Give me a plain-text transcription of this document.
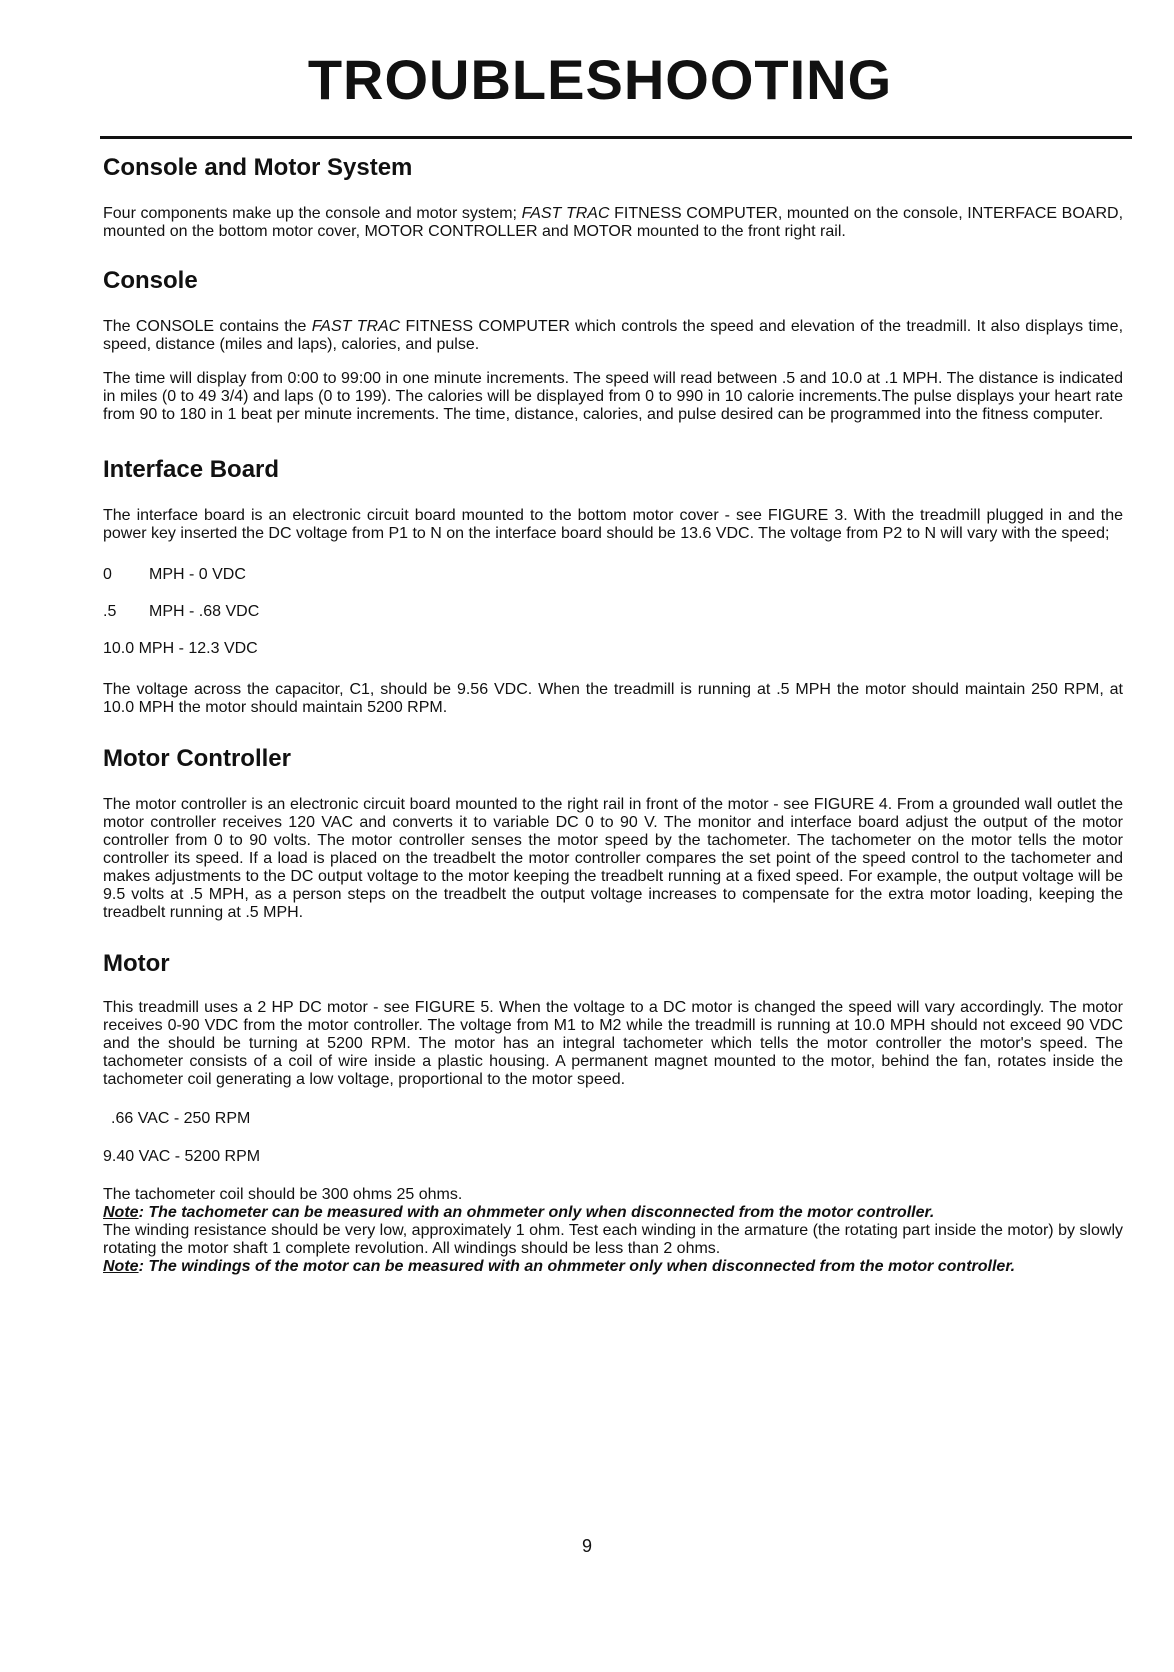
TROUBLESHOOTING
Console and Motor System

Four components make up the console and motor system; FAST TRAC FITNESS COMPUTER, mounted on the console, INTERFACE BOARD, mounted on the bottom motor cover, MOTOR CONTROLLER and MOTOR mounted to the front right rail.

Console

The CONSOLE contains the FAST TRAC FITNESS COMPUTER which controls the speed and elevation of the treadmill. It also displays time, speed, distance (miles and laps), calories, and pulse.

The time will display from 0:00 to 99:00 in one minute increments. The speed will read between .5 and 10.0 at .1 MPH. The distance is indicated in miles (0 to 49 3/4) and laps (0 to 199). The calories will be displayed from 0 to 990 in 10 calorie increments.The pulse displays your heart rate from 90 to 180 in 1 beat per minute increments. The time, distance, calories, and pulse desired can be programmed into the fitness computer.

Interface Board

The interface board is an electronic circuit board mounted to the bottom motor cover - see FIGURE 3. With the treadmill plugged in and the power key inserted the DC voltage from P1 to N on the interface board should be 13.6 VDC. The voltage from P2 to N will vary with the speed;

0 MPH - 0 VDC
.5 MPH - .68 VDC
10.0 MPH - 12.3 VDC

The voltage across the capacitor, C1, should be 9.56 VDC. When the treadmill is running at .5 MPH the motor should maintain 250 RPM, at 10.0 MPH the motor should maintain 5200 RPM.

Motor Controller

The motor controller is an electronic circuit board mounted to the right rail in front of the motor - see FIGURE 4. From a grounded wall outlet the motor controller receives 120 VAC and converts it to variable DC 0 to 90 V. The monitor and interface board adjust the output of the motor controller from 0 to 90 volts. The motor controller senses the motor speed by the tachometer. The tachometer on the motor tells the motor controller its speed. If a load is placed on the treadbelt the motor controller compares the set point of the speed control to the tachometer and makes adjustments to the DC output voltage to the motor keeping the treadbelt running at a fixed speed. For example, the output voltage will be 9.5 volts at .5 MPH, as a person steps on the treadbelt the output voltage increases to compensate for the extra motor loading, keeping the treadbelt running at .5 MPH.

Motor

This treadmill uses a 2 HP DC motor - see FIGURE 5. When the voltage to a DC motor is changed the speed will vary accordingly. The motor receives 0-90 VDC from the motor controller. The voltage from M1 to M2 while the treadmill is running at 10.0 MPH should not exceed 90 VDC and the should be turning at 5200 RPM. The motor has an integral tachometer which tells the motor controller the motor's speed. The tachometer consists of a coil of wire inside a plastic housing. A permanent magnet mounted to the motor, behind the fan, rotates inside the tachometer coil generating a low voltage, proportional to the motor speed.

.66 VAC - 250 RPM
9.40 VAC - 5200 RPM

The tachometer coil should be 300 ohms 25 ohms.
Note: The tachometer can be measured with an ohmmeter only when disconnected from the motor controller.
The winding resistance should be very low, approximately 1 ohm. Test each winding in the armature (the rotating part inside the motor) by slowly rotating the motor shaft 1 complete revolution. All windings should be less than 2 ohms.
Note: The windings of the motor can be measured with an ohmmeter only when disconnected from the motor controller.

9
